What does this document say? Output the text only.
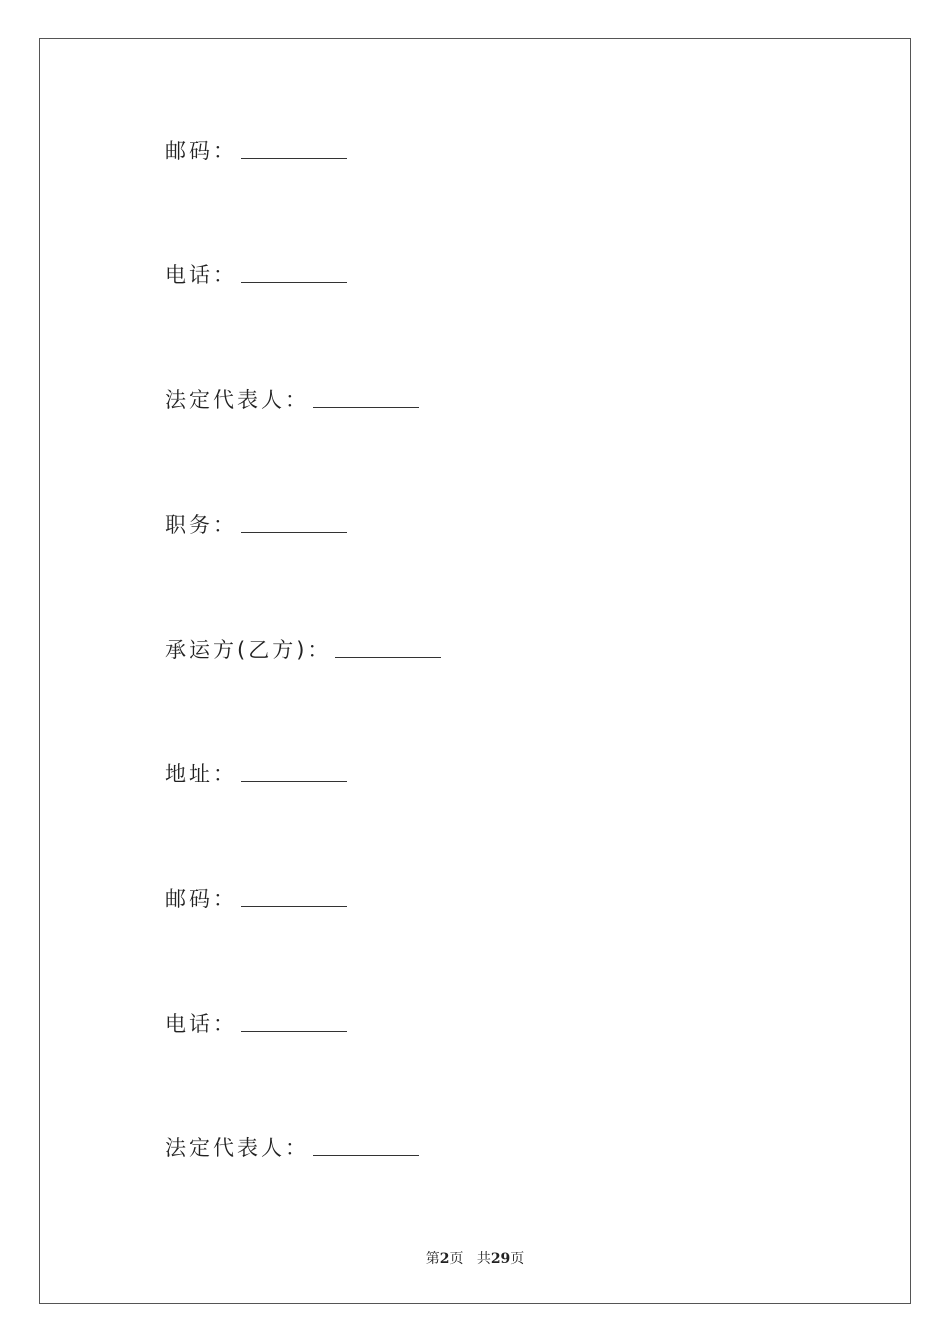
邮码：
电话：
法定代表人：
职务：
承运方(乙方)：
地址：
邮码：
电话：
法定代表人：
第2页 共29页
